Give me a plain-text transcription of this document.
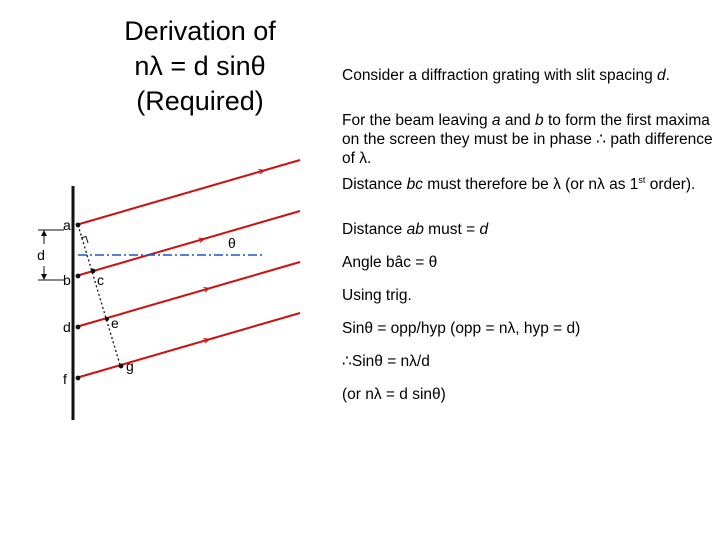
Derivation of
nλ = d sinθ
(Required)
a
b c
d	e
f
g
d
θ

Consider a diffraction grating with slit spacing d.

For the beam leaving a and b to form the first maxima on the screen they must be in phase ∴ path difference of λ.

Distance bc must therefore be λ (or nλ as 1st order).

Distance ab must = d

Angle bâc = θ

Using trig.

Sinθ = opp/hyp (opp = nλ, hyp = d)

∴Sinθ = nλ/d

(or nλ = d sinθ)
